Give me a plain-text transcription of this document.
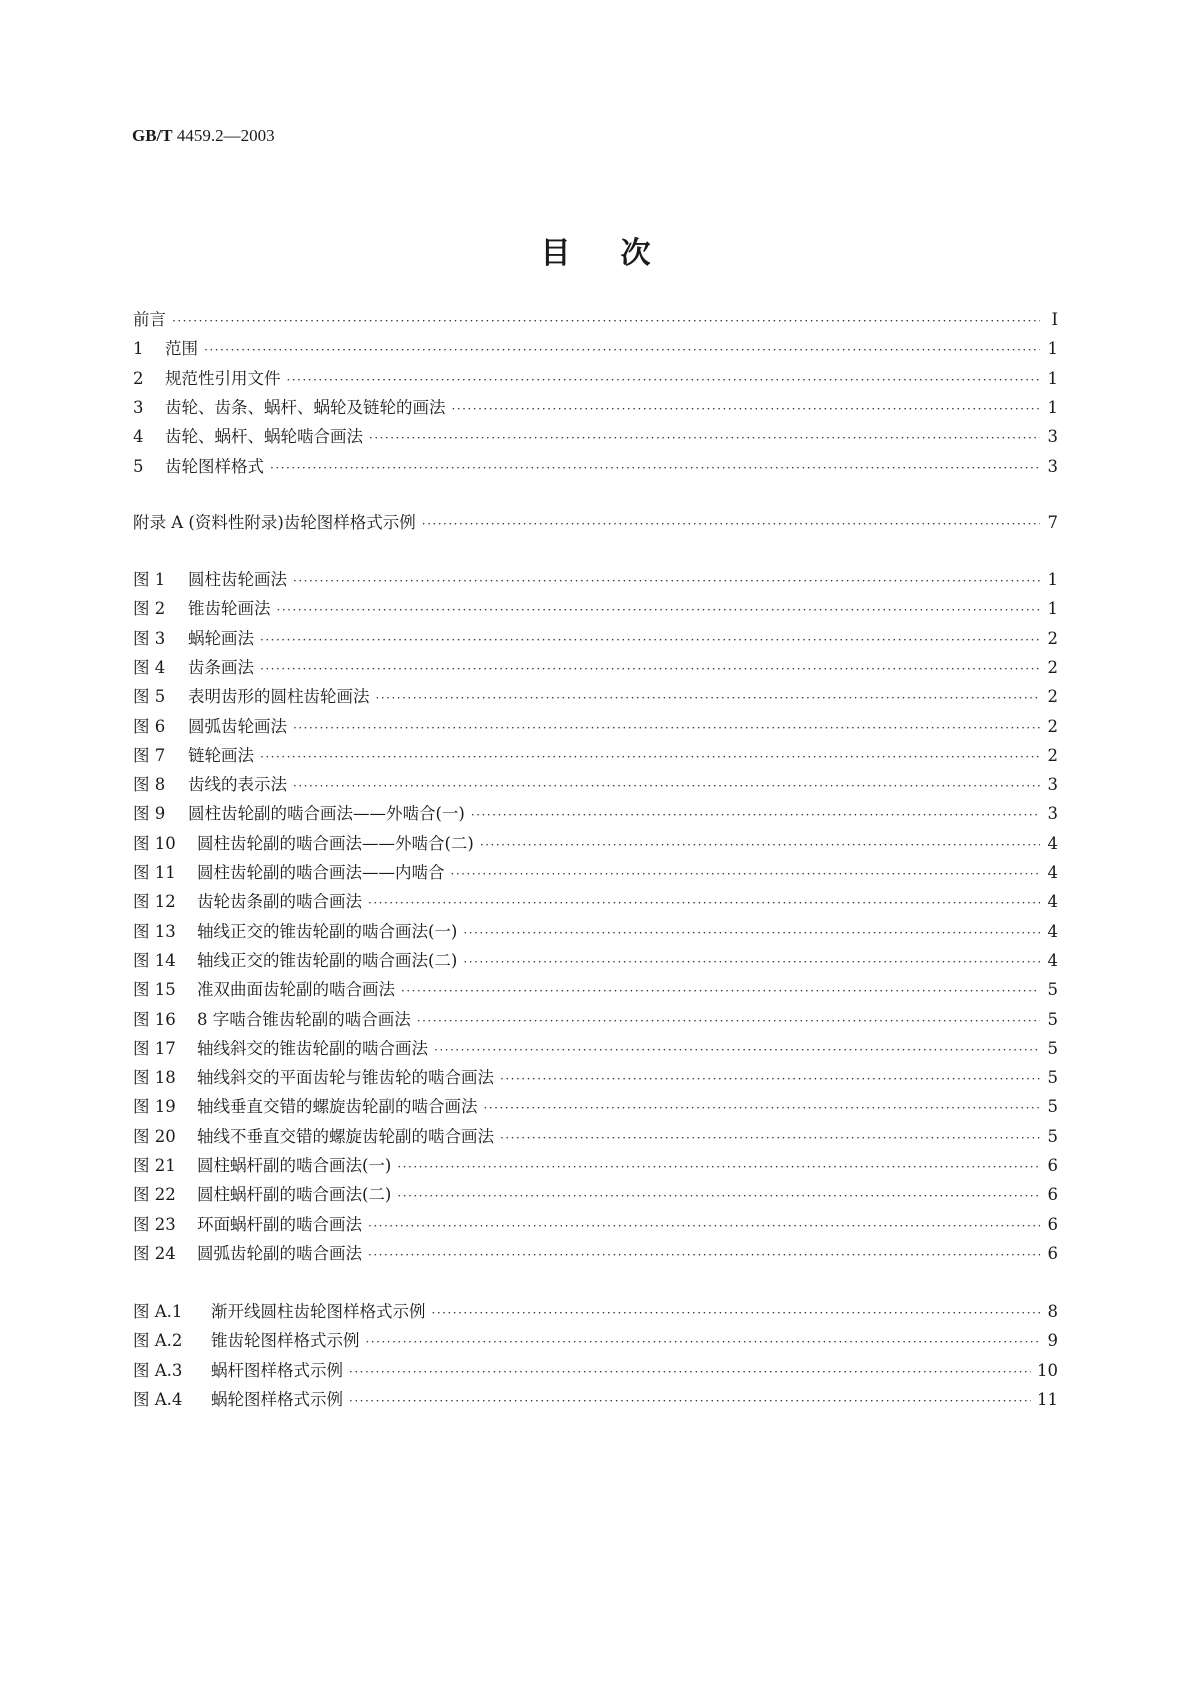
GB/T 4459.2—2003
目次
前言 ·····	I
1	范围 ·····	1
2	规范性引用文件 ·····	1
3	齿轮、齿条、蜗杆、蜗轮及链轮的画法 ·····	1
4	齿轮、蜗杆、蜗轮啮合画法 ·····	3
5	齿轮图样格式 ·····	3
附录 A (资料性附录)齿轮图样格式示例 ·····	7
图 1	圆柱齿轮画法 ·····	1
图 2	锥齿轮画法 ·····	1
图 3	蜗轮画法 ·····	2
图 4	齿条画法 ·····	2
图 5	表明齿形的圆柱齿轮画法 ·····	2
图 6	圆弧齿轮画法 ·····	2
图 7	链轮画法 ·····	2
图 8	齿线的表示法 ·····	3
图 9	圆柱齿轮副的啮合画法——外啮合(一) ·····	3
图 10	圆柱齿轮副的啮合画法——外啮合(二) ·····	4
图 11	圆柱齿轮副的啮合画法——内啮合 ·····	4
图 12	齿轮齿条副的啮合画法 ·····	4
图 13	轴线正交的锥齿轮副的啮合画法(一) ·····	4
图 14	轴线正交的锥齿轮副的啮合画法(二) ·····	4
图 15	准双曲面齿轮副的啮合画法 ·····	5
图 16	8 字啮合锥齿轮副的啮合画法 ·····	5
图 17	轴线斜交的锥齿轮副的啮合画法 ·····	5
图 18	轴线斜交的平面齿轮与锥齿轮的啮合画法 ·····	5
图 19	轴线垂直交错的螺旋齿轮副的啮合画法 ·····	5
图 20	轴线不垂直交错的螺旋齿轮副的啮合画法 ·····	5
图 21	圆柱蜗杆副的啮合画法(一) ·····	6
图 22	圆柱蜗杆副的啮合画法(二) ·····	6
图 23	环面蜗杆副的啮合画法 ·····	6
图 24	圆弧齿轮副的啮合画法 ·····	6
图 A.1	渐开线圆柱齿轮图样格式示例 ·····	8
图 A.2	锥齿轮图样格式示例 ·····	9
图 A.3	蜗杆图样格式示例 ·····	10
图 A.4	蜗轮图样格式示例 ·····	11
